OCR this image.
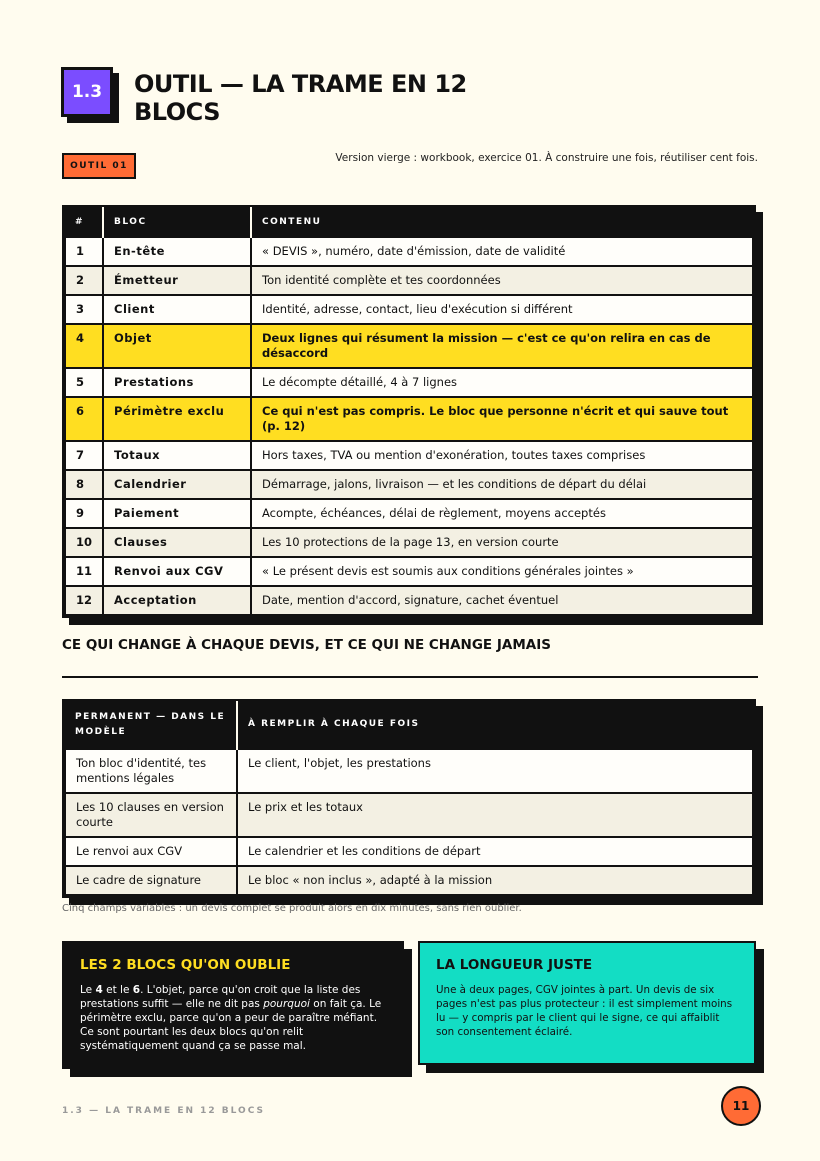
1.3	OUTIL — LA TRAME EN 12 BLOCS
OUTIL 01
Version vierge : workbook, exercice 01. À construire une fois, réutiliser cent fois.
#	BLOC	CONTENU
1	En-tête	« DEVIS », numéro, date d'émission, date de validité
2	Émetteur	Ton identité complète et tes coordonnées
3	Client	Identité, adresse, contact, lieu d'exécution si différent
4	Objet	Deux lignes qui résument la mission — c'est ce qu'on relira en cas de désaccord
5	Prestations	Le décompte détaillé, 4 à 7 lignes
6	Périmètre exclu	Ce qui n'est pas compris. Le bloc que personne n'écrit et qui sauve tout (p. 12)
7	Totaux	Hors taxes, TVA ou mention d'exonération, toutes taxes comprises
8	Calendrier	Démarrage, jalons, livraison — et les conditions de départ du délai
9	Paiement	Acompte, échéances, délai de règlement, moyens acceptés
10	Clauses	Les 10 protections de la page 13, en version courte
11	Renvoi aux CGV	« Le présent devis est soumis aux conditions générales jointes »
12	Acceptation	Date, mention d'accord, signature, cachet éventuel
CE QUI CHANGE À CHAQUE DEVIS, ET CE QUI NE CHANGE JAMAIS
PERMANENT — DANS LE MODÈLE	À REMPLIR À CHAQUE FOIS
Ton bloc d'identité, tes mentions légales	Le client, l'objet, les prestations
Les 10 clauses en version courte	Le prix et les totaux
Le renvoi aux CGV	Le calendrier et les conditions de départ
Le cadre de signature	Le bloc « non inclus », adapté à la mission
Cinq champs variables : un devis complet se produit alors en dix minutes, sans rien oublier.
LES 2 BLOCS QU'ON OUBLIE

Le 4 et le 6. L'objet, parce qu'on croit que la liste des prestations suffit — elle ne dit pas pourquoi on fait ça. Le périmètre exclu, parce qu'on a peur de paraître méfiant. Ce sont pourtant les deux blocs qu'on relit systématiquement quand ça se passe mal.

LA LONGUEUR JUSTE

Une à deux pages, CGV jointes à part. Un devis de six pages n'est pas plus protecteur : il est simplement moins lu — y compris par le client qui le signe, ce qui affaiblit son consentement éclairé.

1.3 — LA TRAME EN 12 BLOCS	11
